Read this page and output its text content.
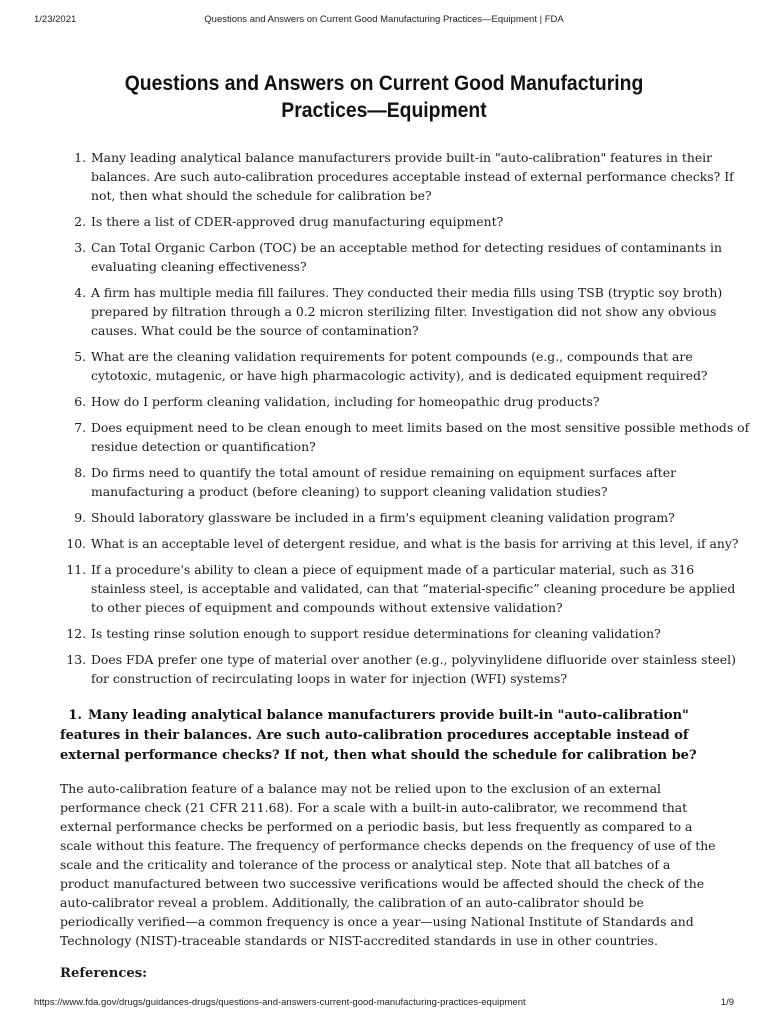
1/23/2021	Questions and Answers on Current Good Manufacturing Practices—Equipment | FDA
Questions and Answers on Current Good Manufacturing Practices—Equipment
1. Many leading analytical balance manufacturers provide built-in "auto-calibration" features in their balances. Are such auto-calibration procedures acceptable instead of external performance checks? If not, then what should the schedule for calibration be?
2. Is there a list of CDER-approved drug manufacturing equipment?
3. Can Total Organic Carbon (TOC) be an acceptable method for detecting residues of contaminants in evaluating cleaning effectiveness?
4. A firm has multiple media fill failures. They conducted their media fills using TSB (tryptic soy broth) prepared by filtration through a 0.2 micron sterilizing filter. Investigation did not show any obvious causes. What could be the source of contamination?
5. What are the cleaning validation requirements for potent compounds (e.g., compounds that are cytotoxic, mutagenic, or have high pharmacologic activity), and is dedicated equipment required?
6. How do I perform cleaning validation, including for homeopathic drug products?
7. Does equipment need to be clean enough to meet limits based on the most sensitive possible methods of residue detection or quantification?
8. Do firms need to quantify the total amount of residue remaining on equipment surfaces after manufacturing a product (before cleaning) to support cleaning validation studies?
9. Should laboratory glassware be included in a firm's equipment cleaning validation program?
10. What is an acceptable level of detergent residue, and what is the basis for arriving at this level, if any?
11. If a procedure's ability to clean a piece of equipment made of a particular material, such as 316 stainless steel, is acceptable and validated, can that “material-specific” cleaning procedure be applied to other pieces of equipment and compounds without extensive validation?
12. Is testing rinse solution enough to support residue determinations for cleaning validation?
13. Does FDA prefer one type of material over another (e.g., polyvinylidene difluoride over stainless steel) for construction of recirculating loops in water for injection (WFI) systems?

1. Many leading analytical balance manufacturers provide built-in "auto-calibration" features in their balances. Are such auto-calibration procedures acceptable instead of external performance checks? If not, then what should the schedule for calibration be?

The auto-calibration feature of a balance may not be relied upon to the exclusion of an external performance check (21 CFR 211.68). For a scale with a built-in auto-calibrator, we recommend that external performance checks be performed on a periodic basis, but less frequently as compared to a scale without this feature. The frequency of performance checks depends on the frequency of use of the scale and the criticality and tolerance of the process or analytical step. Note that all batches of a product manufactured between two successive verifications would be affected should the check of the auto-calibrator reveal a problem. Additionally, the calibration of an auto-calibrator should be periodically verified—a common frequency is once a year—using National Institute of Standards and Technology (NIST)-traceable standards or NIST-accredited standards in use in other countries.

References:

https://www.fda.gov/drugs/guidances-drugs/questions-and-answers-current-good-manufacturing-practices-equipment	1/9
